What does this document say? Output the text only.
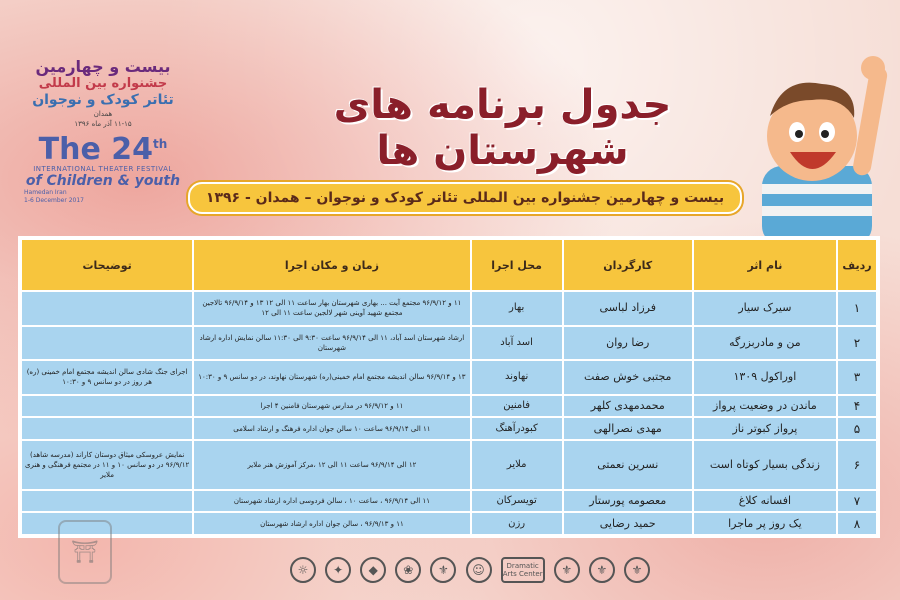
بیست و چهارمین
جشنواره بین المللی
تئاتر کودک و نوجوان
همدان
۱۱-۱۵ آذر ماه ۱۳۹۶
The 24th
INTERNATIONAL THEATER FESTIVAL
of Children & youth
Hamedan Iran
1-6 December 2017
جدول برنامه های شهرستان ها
بیست و چهارمین جشنواره بین المللی تئاتر کودک و نوجوان – همدان - ۱۳۹۶
ردیف	نام اثر	کارگردان	محل اجرا	زمان و مکان اجرا	توضیحات
۱	سیرک سیار	فرزاد لباسی	بهار	۱۱ و ۹۶/۹/۱۲ مجتمع آیت ... بهاری شهرستان بهار ساعت ۱۱ الی ۱۲ ۱۳ و ۹۶/۹/۱۴ تالاجین مجتمع شهید آوینی شهر لالجین ساعت ۱۱ الی ۱۲	
۲	من و مادربزرگه	رضا روان	اسد آباد	ارشاد شهرستان اسد آباد، ۱۱ الی ۹۶/۹/۱۴ ساعت ۹:۳۰ الی ۱۱:۳۰ سالن نمایش اداره ارشاد شهرستان	
۳	اوراکول ۱۳۰۹	مجتبی خوش صفت	نهاوند	۱۳ و ۹۶/۹/۱۴ سالن اندیشه مجتمع امام خمینی(ره) شهرستان نهاوند، در دو سانس ۹ و ۱۰:۳۰	اجرای جنگ شادی سالن اندیشه مجتمع امام خمینی (ره) هر روز در دو سانس ۹ و ۱۰:۳۰
۴	ماندن در وضعیت پرواز	محمدمهدی کلهر	فامنین	۱۱ و ۹۶/۹/۱۲ در مدارس شهرستان فامنین ۴ اجرا	
۵	پرواز کبوتر ناز	مهدی نصرالهی	کبودرآهنگ	۱۱ الی ۹۶/۹/۱۴ ساعت ۱۰ سالن جوان اداره فرهنگ و ارشاد اسلامی	
۶	زندگی بسیار کوتاه است	نسرین نعمتی	ملایر	۱۲ الی ۹۶/۹/۱۴ ساعت ۱۱ الی ۱۲ ،مرکز آموزش هنر ملایر	نمایش عروسکی میثاق دوستان کاراند (مدرسه شاهد) ۹۶/۹/۱۲ در دو سانس ۱۰ و ۱۱ در مجتمع فرهنگی و هنری ملایر
۷	افسانه کلاغ	معصومه پورستار	تویسرکان	۱۱ الی ۹۶/۹/۱۴ ، ساعت ۱۰ ، سالن فردوسی اداره ارشاد شهرستان	
۸	یک روز پر ماجرا	حمید رضایی	رزن	۱۱ و ۹۶/۹/۱۳ ، سالن جوان اداره ارشاد شهرستان	
☼	✦	◆	❀	⚜	☺	Dramatic Arts Center	⚜	⚜	⚜
⛩
